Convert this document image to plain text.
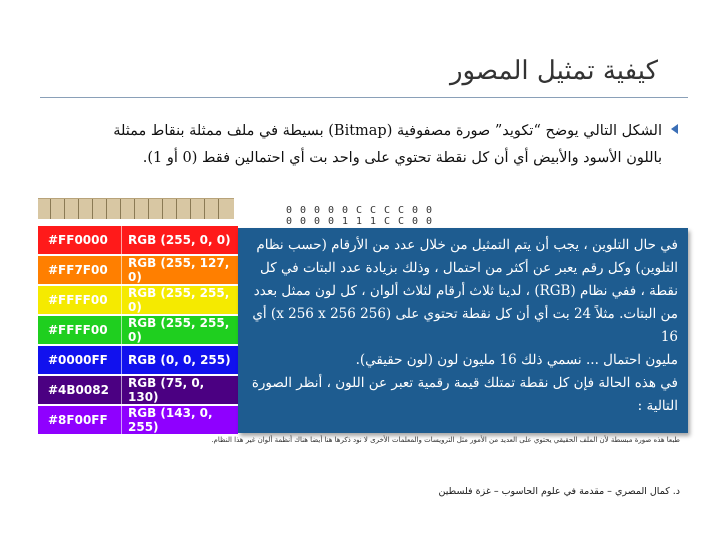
كيفية تمثيل المصور
الشكل التالي يوضح “تكويد” صورة مصفوفية (Bitmap) بسيطة في ملف ممثلة بنقاط ممثلة
باللون الأسود والأبيض أي أن كل نقطة تحتوي على واحد بت أي احتمالين فقط (0 أو 1).
0 0 0 0 0 C C C C 0 0
0 0 0 0 1 1 1 C C 0 0
#FF0000	RGB (255, 0, 0)
#FF7F00	RGB (255, 127, 0)
#FFFF00	RGB (255, 255, 0)
#FFFF00	RGB (255, 255, 0)
#0000FF	RGB (0, 0, 255)
#4B0082	RGB (75, 0, 130)
#8F00FF	RGB (143, 0, 255)
في حال التلوين ، يجب أن يتم التمثيل من خلال عدد من الأرقام (حسب نظام
التلوين) وكل رقم يعبر عن أكثر من احتمال ، وذلك بزيادة عدد البتات في كل
نقطة ، ففي نظام (RGB) ، لدينا ثلاث أرقام لثلاث ألوان ، كل لون ممثل بعدد
من البتات. مثلاً 24 بت أي أن كل نقطة تحتوي على (256 x 256 x 256) أي 16
مليون احتمال ... نسمي ذلك 16 مليون لون (لون حقيقي).
في هذه الحالة فإن كل نقطة تمتلك قيمة رقمية تعبر عن اللون ، أنظر الصورة
التالية :
طبعا هذه صورة مبسطة لأن الملف الحقيقي يحتوي على العديد من الأمور مثل الترويسات والمعلمات الأخرى لا نود ذكرها هنا أيضا هناك أنظمة ألوان غير هذا النظام.
د. كمال المصري – مقدمة في علوم الحاسوب – غزة فلسطين
